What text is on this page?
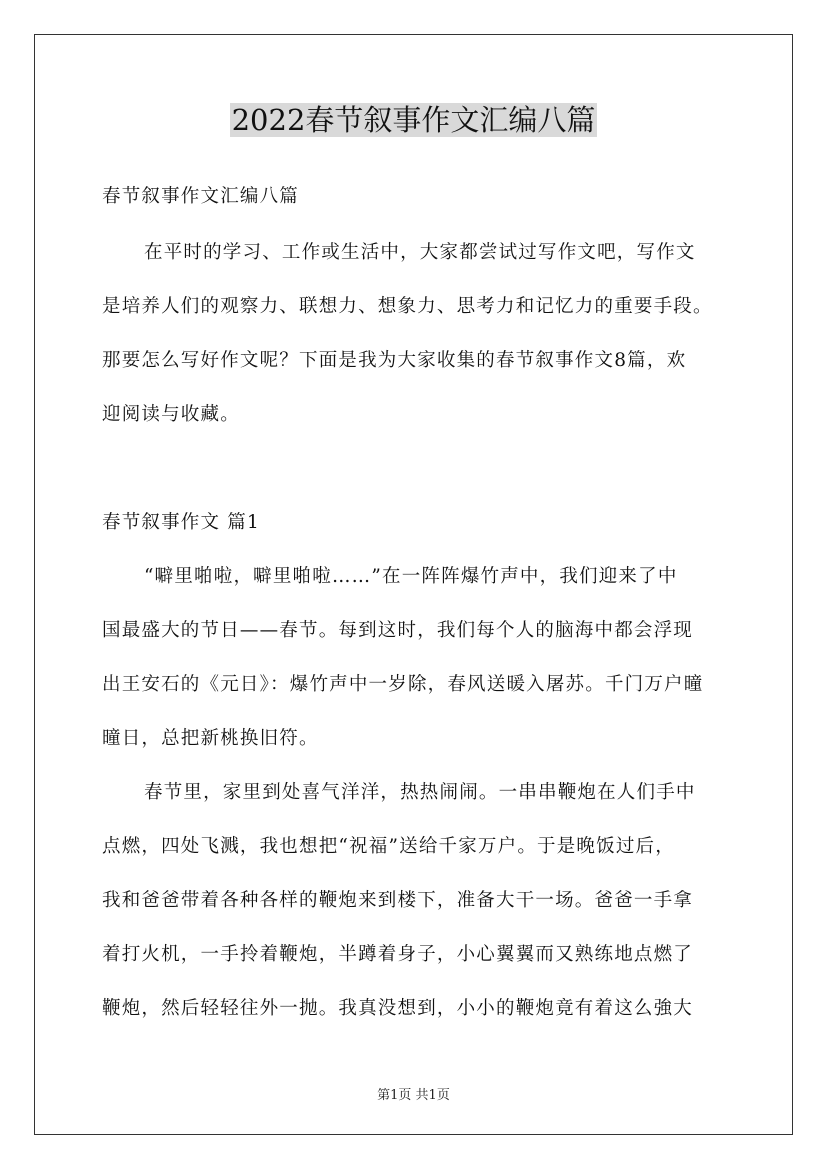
2022春节叙事作文汇编八篇
春节叙事作文汇编八篇
在平时的学习、工作或生活中，大家都尝试过写作文吧，写作文
是培养人们的观察力、联想力、想象力、思考力和记忆力的重要手段。
那要怎么写好作文呢？下面是我为大家收集的春节叙事作文8篇，欢
迎阅读与收藏。
春节叙事作文 篇1
“噼里啪啦，噼里啪啦……”在一阵阵爆竹声中，我们迎来了中
国最盛大的节日——春节。每到这时，我们每个人的脑海中都会浮现
出王安石的《元日》：爆竹声中一岁除，春风送暖入屠苏。千门万户曈
曈日，总把新桃换旧符。
春节里，家里到处喜气洋洋，热热闹闹。一串串鞭炮在人们手中
点燃，四处飞溅，我也想把“祝福”送给千家万户。于是晚饭过后，
我和爸爸带着各种各样的鞭炮来到楼下，准备大干一场。爸爸一手拿
着打火机，一手拎着鞭炮，半蹲着身子，小心翼翼而又熟练地点燃了
鞭炮，然后轻轻往外一抛。我真没想到，小小的鞭炮竟有着这么強大
第1页 共1页
